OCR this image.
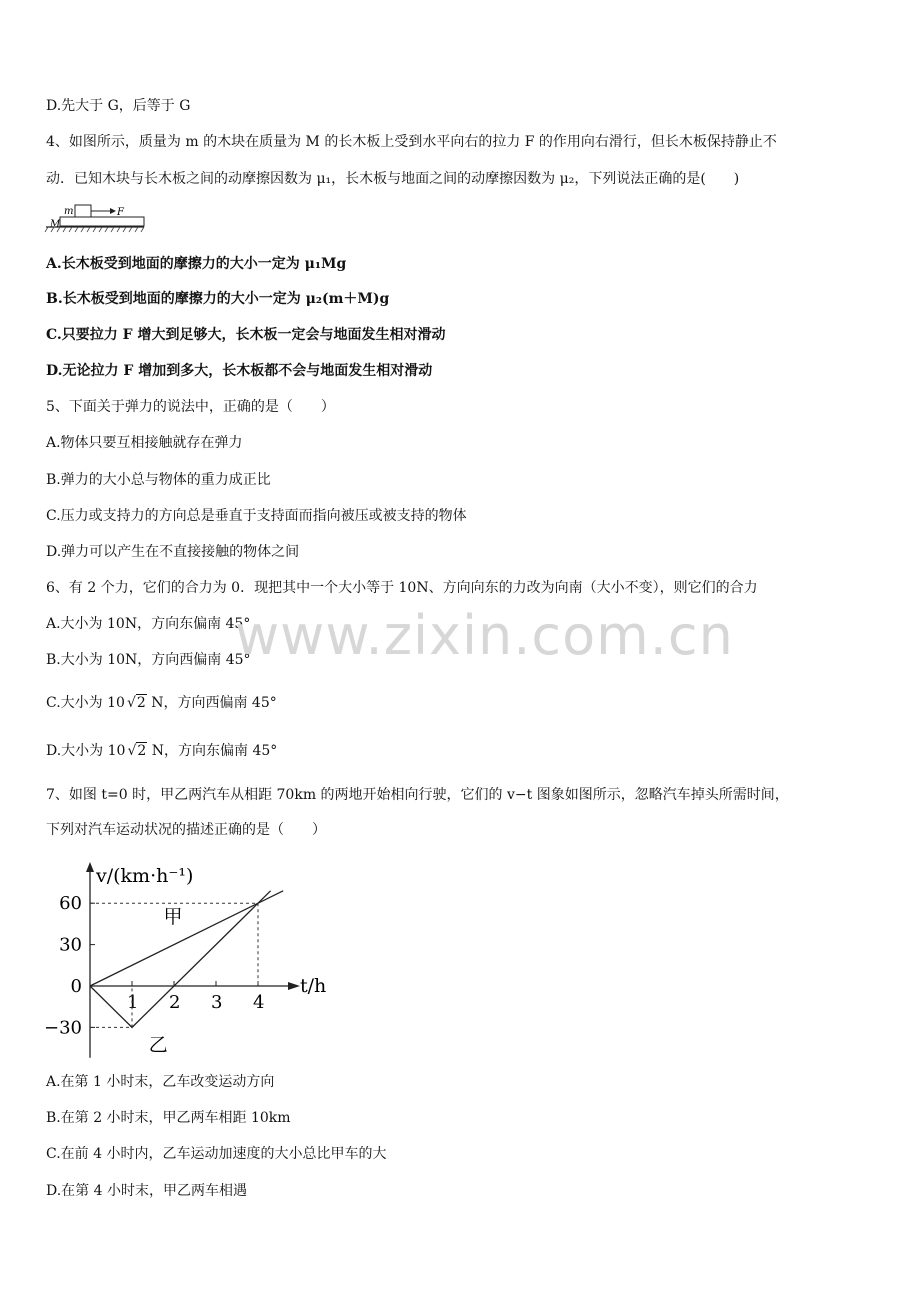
D.先大于 G，后等于 G
4、如图所示，质量为 m 的木块在质量为 M 的长木板上受到水平向右的拉力 F 的作用向右滑行，但长木板保持静止不
动．已知木块与长木板之间的动摩擦因数为 μ₁，长木板与地面之间的动摩擦因数为 μ₂，下列说法正确的是(　　)
m
M
F
A.长木板受到地面的摩擦力的大小一定为 μ₁Mg
B.长木板受到地面的摩擦力的大小一定为 μ₂(m＋M)g
C.只要拉力 F 增大到足够大，长木板一定会与地面发生相对滑动
D.无论拉力 F 增加到多大，长木板都不会与地面发生相对滑动
5、下面关于弹力的说法中，正确的是（　　）
A.物体只要互相接触就存在弹力
B.弹力的大小总与物体的重力成正比
C.压力或支持力的方向总是垂直于支持面而指向被压或被支持的物体
D.弹力可以产生在不直接接触的物体之间
6、有 2 个力，它们的合力为 0．现把其中一个大小等于 10N、方向向东的力改为向南（大小不变），则它们的合力
A.大小为 10N，方向东偏南 45°
B.大小为 10N，方向西偏南 45°
C.大小为 10 √2 N，方向西偏南 45°
D.大小为 10 √2 N，方向东偏南 45°
www.zixin.com.cn
7、如图 t=0 时，甲乙两汽车从相距 70km 的两地开始相向行驶，它们的 v−t 图象如图所示，忽略汽车掉头所需时间，
下列对汽车运动状况的描述正确的是（　　）
v/(km·h⁻¹)
t/h
1 2 3 4
60
30
0
−30
甲
乙
A.在第 1 小时末，乙车改变运动方向
B.在第 2 小时末，甲乙两车相距 10km
C.在前 4 小时内，乙车运动加速度的大小总比甲车的大
D.在第 4 小时末，甲乙两车相遇
